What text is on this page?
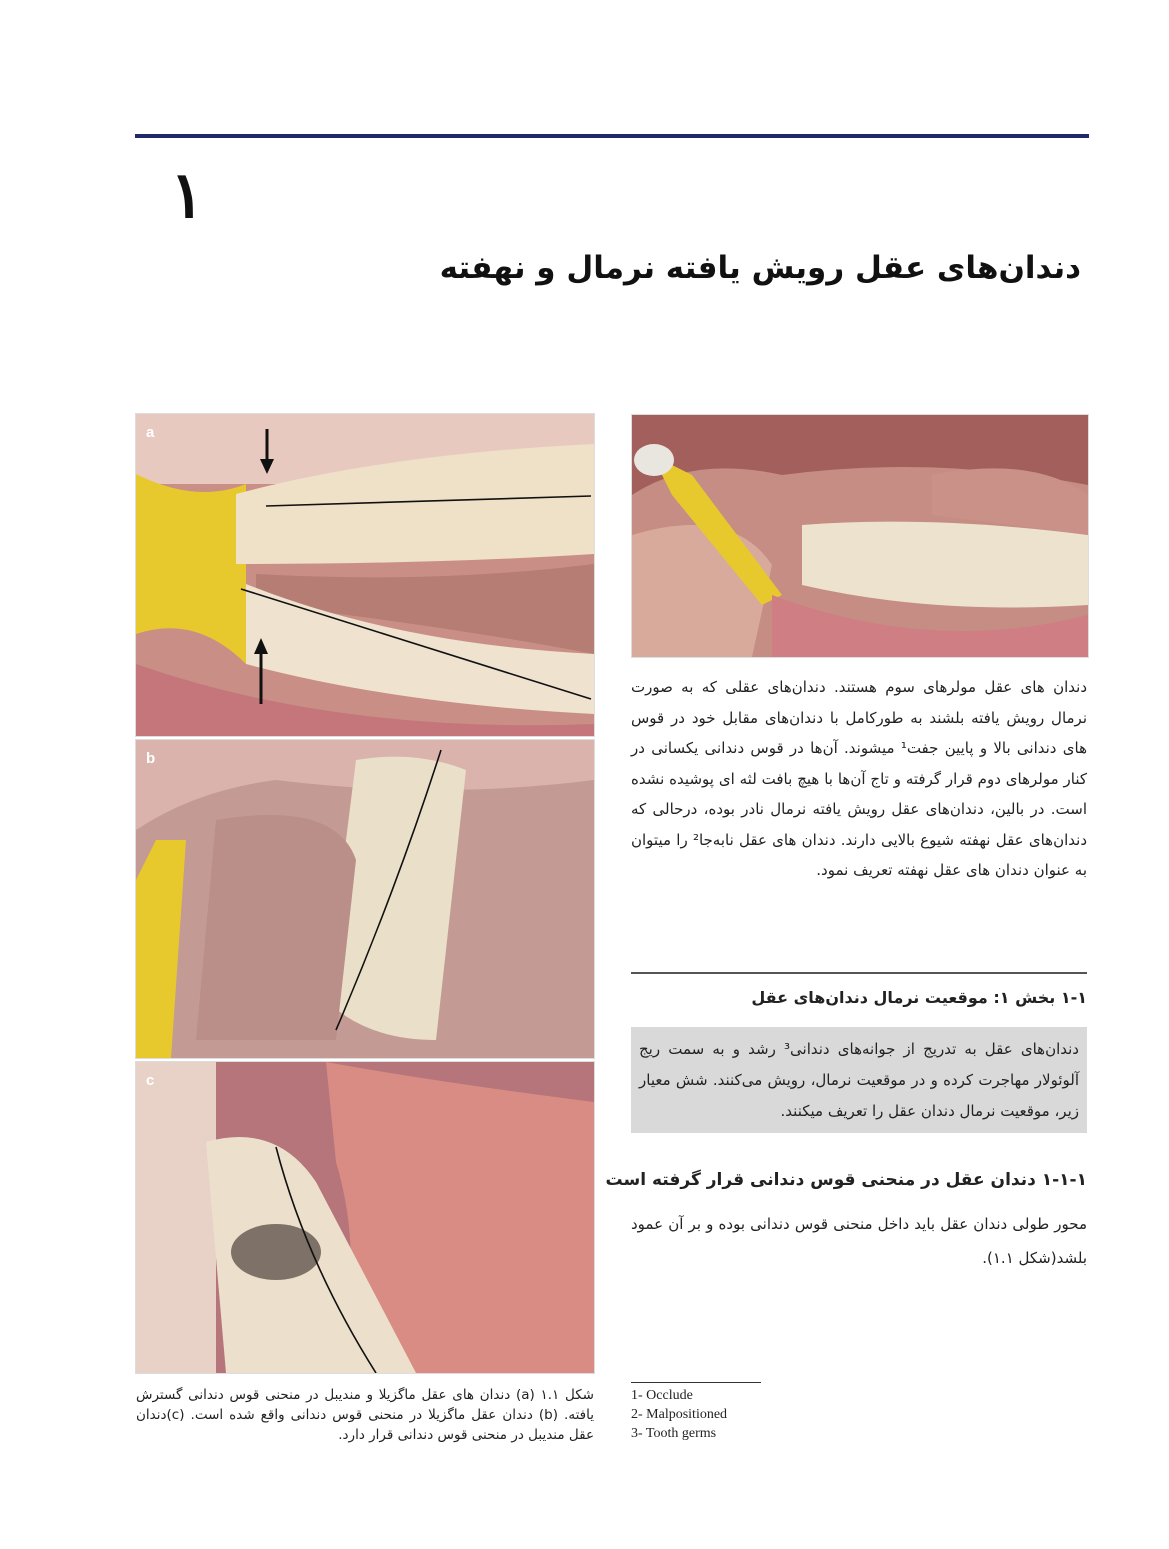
۱
دندان‌های عقل رویش یافته نرمال و نهفته
a
b
c
شکل ۱.۱ (a) دندان های عقل ماگزیلا و مندیبل در منحنی قوس دندانی گسترش یافته. (b) دندان عقل ماگزیلا در منحنی قوس دندانی واقع شده است. (c)دندان عقل مندیبل در منحنی قوس دندانی قرار دارد.
دندان های عقل مولرهای سوم هستند. دندان‌های عقلی که به صورت نرمال رویش یافته بلشند به طورکامل با دندان‌های مقابل خود در قوس های دندانی بالا و پایین جفت¹ میشوند. آن‌ها در قوس دندانی یکسانی در کنار مولرهای دوم قرار گرفته و تاج آن‌ها با هیچ بافت لثه ای پوشیده نشده است. در بالین، دندان‌های عقل رویش یافته نرمال نادر بوده، درحالی که دندان‌های عقل نهفته شیوع بالایی دارند. دندان های عقل نابه‌جا² را میتوان به عنوان دندان های عقل نهفته تعریف نمود.
۱-۱ بخش ۱: موقعیت نرمال دندان‌های عقل
دندان‌های عقل به تدریج از جوانه‌های دندانی³ رشد و به سمت ریج آلوئولار مهاجرت کرده و در موقعیت نرمال، رویش می‌کنند. شش معیار زیر، موقعیت نرمال دندان عقل را تعریف میکنند.
۱-۱-۱ دندان عقل در منحنی قوس دندانی قرار گرفته است
محور طولی دندان عقل باید داخل منحنی قوس دندانی بوده و بر آن عمود بلشد(شکل ۱.۱).
1- Occlude
2- Malpositioned
3- Tooth germs
